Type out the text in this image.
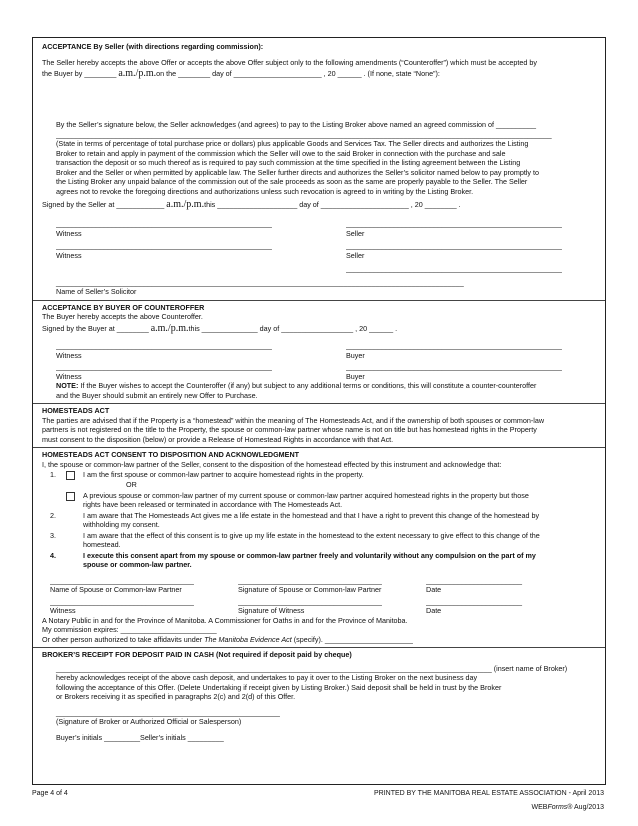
ACCEPTANCE By Seller (with directions regarding commission):
The Seller hereby accepts the above Offer or accepts the above Offer subject only to the following amendments (“Counteroffer”) which must be accepted by
the Buyer by ________ a.m./p.m.on the ________ day of ______________________ , 20 ______ . (If none, state “None”):
By the Seller’s signature below, the Seller acknowledges (and agrees) to pay to the Listing Broker above named an agreed commission of __________
____________________________________________________________________________________________________________________________
(State in terms of percentage of total purchase price or dollars) plus applicable Goods and Services Tax. The Seller directs and authorizes the Listing
Broker to retain and apply in payment of the commission which the Seller will owe to the said Broker in connection with the purchase and sale
transaction the deposit or so much thereof as is required to pay such commission at the time specified in the listing agreement between the Listing
Broker and the Seller or when permitted by applicable law. The Seller further directs and authorizes the Seller’s solicitor named below to pay promptly to
the Listing Broker any unpaid balance of the commission out of the sale proceeds as soon as the same are properly payable to the Seller. The Seller
agrees not to revoke the foregoing directions and authorizations unless such revocation is agreed to in writing by the Listing Broker.
Signed by the Seller at ____________ a.m./p.m.this ____________________ day of ______________________ , 20 ________ .
______________________________________________________	______________________________________________________
Witness	Seller
______________________________________________________	______________________________________________________
Witness	Seller
______________________________________________________
______________________________________________________________________________________________________
Name of Seller’s Solicitor
ACCEPTANCE BY BUYER OF COUNTEROFFER
The Buyer hereby accepts the above Counteroffer.
Signed by the Buyer at ________ a.m./p.m.this ______________ day of __________________ , 20 ______ .
______________________________________________________	______________________________________________________
Witness	Buyer
______________________________________________________	______________________________________________________
Witness	Buyer
NOTE: If the Buyer wishes to accept the Counteroffer (if any) but subject to any additional terms or conditions, this will constitute a counter-counteroffer
and the Buyer should submit an entirely new Offer to Purchase.
HOMESTEADS ACT
The parties are advised that if the Property is a “homestead” within the meaning of The Homesteads Act, and if the ownership of both spouses or common-law
partners is not registered on the title to the Property, the spouse or common-law partner whose name is not on title but has homestead rights in the Property
must consent to the disposition (below) or provide a Release of Homestead Rights in accordance with that Act.
HOMESTEADS ACT CONSENT TO DISPOSITION AND ACKNOWLEDGMENT
I, the spouse or common-law partner of the Seller, consent to the disposition of the homestead effected by this instrument and acknowledge that:
1.	I am the first spouse or common-law partner to acquire homestead rights in the property.
OR
A previous spouse or common-law partner of my current spouse or common-law partner acquired homestead rights in the property but those
rights have been released or terminated in accordance with The Homesteads Act.
2.	I am aware that The Homesteads Act gives me a life estate in the homestead and that I have a right to prevent this change of the homestead by
withholding my consent.
3.	I am aware that the effect of this consent is to give up my life estate in the homestead to the extent necessary to give effect to this change of the
homestead.
4.	I execute this consent apart from my spouse or common-law partner freely and voluntarily without any compulsion on the part of my
spouse or common-law partner.
____________________________________	____________________________________	________________________
Name of Spouse or Common-law Partner	Signature of Spouse or Common-law Partner	Date
____________________________________	____________________________________	________________________
Witness	Signature of Witness	Date
A Notary Public in and for the Province of Manitoba. A Commissioner for Oaths in and for the Province of Manitoba.
My commission expires: ________________________
Or other person authorized to take affidavits under The Manitoba Evidence Act (specify). ______________________
BROKER’S RECEIPT FOR DEPOSIT PAID IN CASH (Not required if deposit paid by cheque)
_____________________________________________________________________________________________________________ (insert name of Broker)
hereby acknowledges receipt of the above cash deposit, and undertakes to pay it over to the Listing Broker on the next business day
following the acceptance of this Offer. (Delete Undertaking if receipt given by Listing Broker.) Said deposit shall be held in trust by the Broker
or Brokers receiving it as specified in paragraphs 2(c) and 2(d) of this Offer.
________________________________________________________
(Signature of Broker or Authorized Official or Salesperson)
Buyer’s initials _________Seller’s initials _________
Page 4 of 4	PRINTED BY THE MANITOBA REAL ESTATE ASSOCIATION - April 2013
WEBForms® Aug/2013
